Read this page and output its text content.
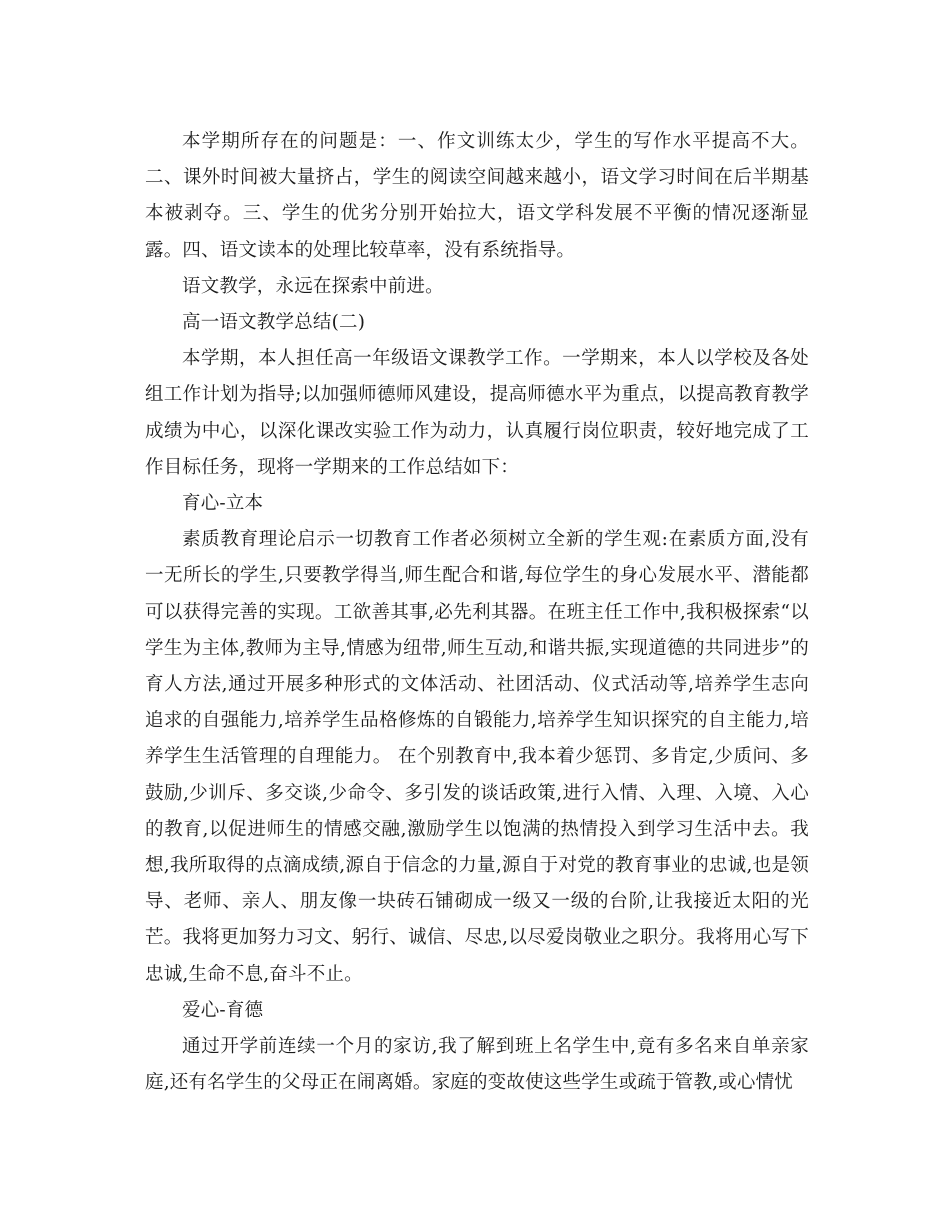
本学期所存在的问题是：一、作文训练太少，学生的写作水平提高不大。二、课外时间被大量挤占，学生的阅读空间越来越小，语文学习时间在后半期基本被剥夺。三、学生的优劣分别开始拉大，语文学科发展不平衡的情况逐渐显露。四、语文读本的处理比较草率，没有系统指导。

语文教学，永远在探索中前进。

高一语文教学总结(二)

本学期，本人担任高一年级语文课教学工作。一学期来，本人以学校及各处组工作计划为指导;以加强师德师风建设，提高师德水平为重点，以提高教育教学成绩为中心，以深化课改实验工作为动力，认真履行岗位职责，较好地完成了工作目标任务，现将一学期来的工作总结如下：

育心-立本

素质教育理论启示一切教育工作者必须树立全新的学生观:在素质方面,没有一无所长的学生,只要教学得当,师生配合和谐,每位学生的身心发展水平、潜能都可以获得完善的实现。工欲善其事,必先利其器。在班主任工作中,我积极探索“以学生为主体,教师为主导,情感为纽带,师生互动,和谐共振,实现道德的共同进步”的育人方法,通过开展多种形式的文体活动、社团活动、仪式活动等,培养学生志向追求的自强能力,培养学生品格修炼的自锻能力,培养学生知识探究的自主能力,培养学生生活管理的自理能力。 在个别教育中,我本着少惩罚、多肯定,少质问、多鼓励,少训斥、多交谈,少命令、多引发的谈话政策,进行入情、入理、入境、入心的教育,以促进师生的情感交融,激励学生以饱满的热情投入到学习生活中去。我想,我所取得的点滴成绩,源自于信念的力量,源自于对党的教育事业的忠诚,也是领导、老师、亲人、朋友像一块砖石铺砌成一级又一级的台阶,让我接近太阳的光芒。我将更加努力习文、躬行、诚信、尽忠,以尽爱岗敬业之职分。我将用心写下忠诚,生命不息,奋斗不止。

爱心-育德

通过开学前连续一个月的家访,我了解到班上名学生中,竟有多名来自单亲家庭,还有名学生的父母正在闹离婚。家庭的变故使这些学生或疏于管教,或心情忧
